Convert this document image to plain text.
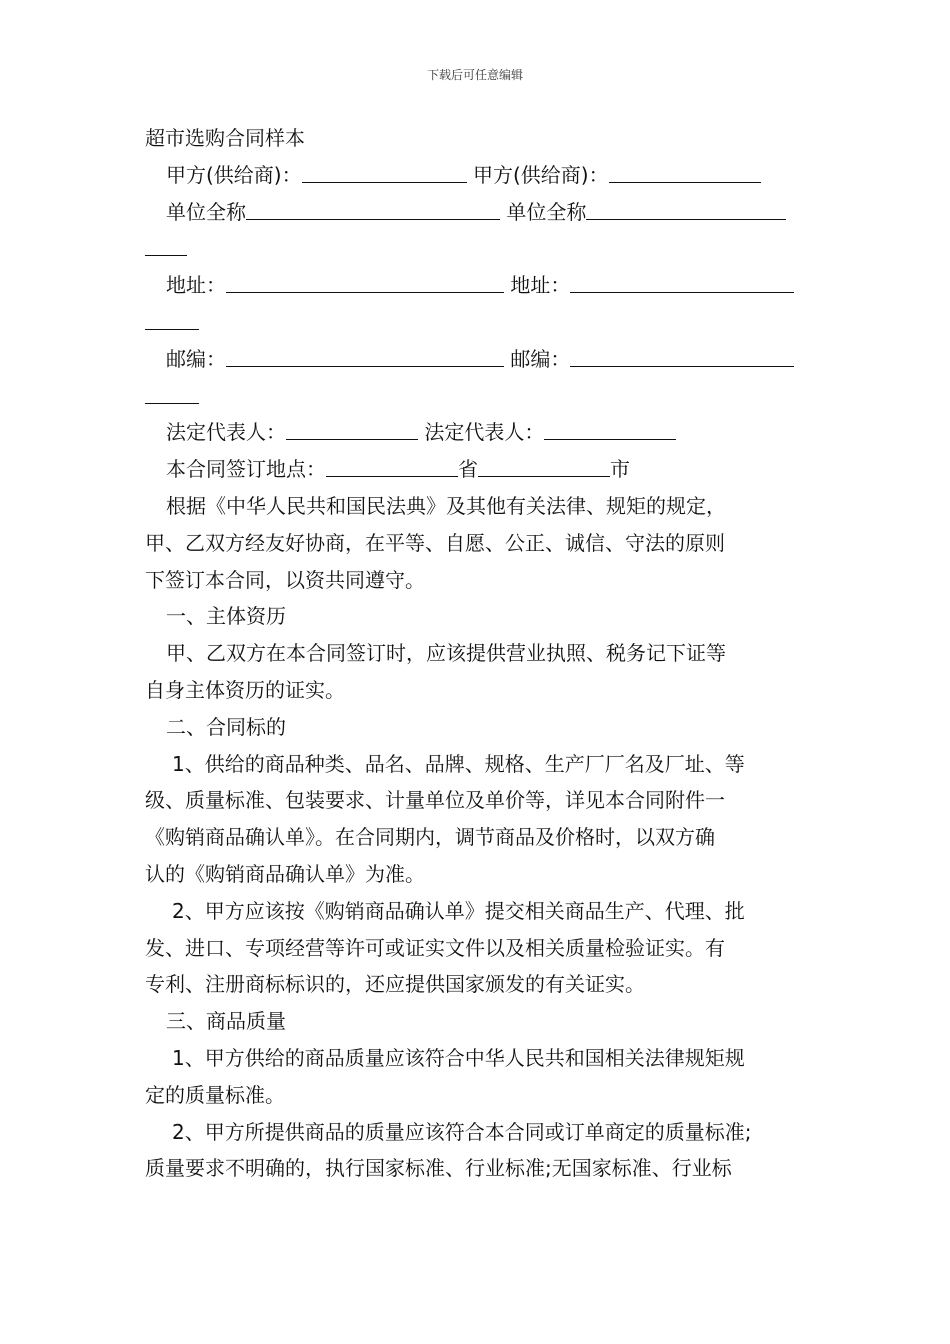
下载后可任意编辑
超市选购合同样本
甲方(供给商)：	甲方(供给商)：
单位全称	单位全称
地址：	地址：
邮编：	邮编：
法定代表人：	法定代表人：
本合同签订地点：	省	市
根据《中华人民共和国民法典》及其他有关法律、规矩的规定，
甲、乙双方经友好协商，在平等、自愿、公正、诚信、守法的原则
下签订本合同，以资共同遵守。
一、主体资历
甲、乙双方在本合同签订时，应该提供营业执照、税务记下证等
自身主体资历的证实。
二、合同标的
1、供给的商品种类、品名、品牌、规格、生产厂厂名及厂址、等
级、质量标准、包装要求、计量单位及单价等，详见本合同附件一
《购销商品确认单》。在合同期内，调节商品及价格时，以双方确
认的《购销商品确认单》为准。
2、甲方应该按《购销商品确认单》提交相关商品生产、代理、批
发、进口、专项经营等许可或证实文件以及相关质量检验证实。有
专利、注册商标标识的，还应提供国家颁发的有关证实。
三、商品质量
1、甲方供给的商品质量应该符合中华人民共和国相关法律规矩规
定的质量标准。
2、甲方所提供商品的质量应该符合本合同或订单商定的质量标准;
质量要求不明确的，执行国家标准、行业标准;无国家标准、行业标
